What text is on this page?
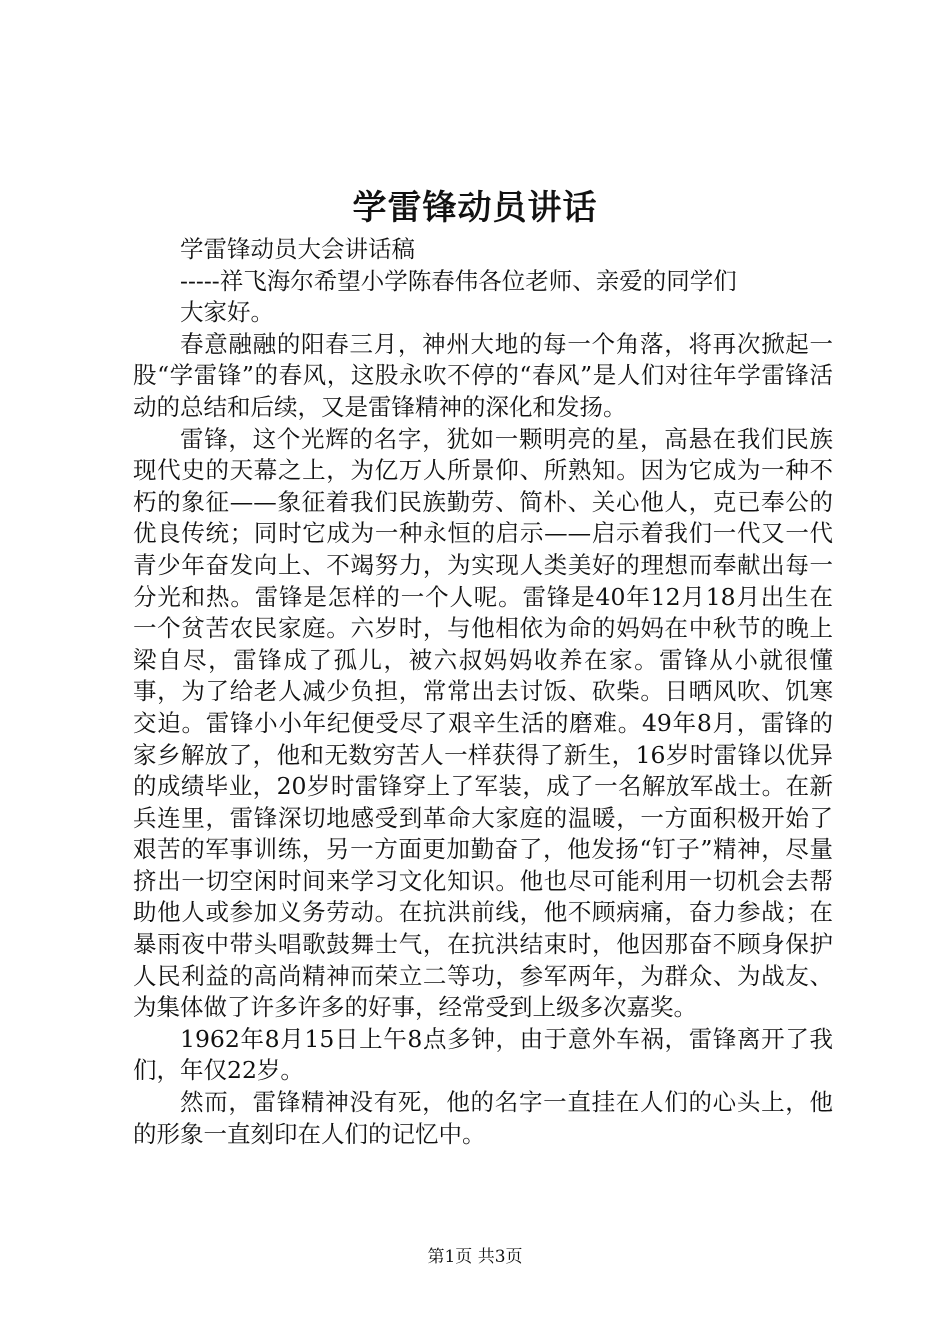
学雷锋动员讲话

学雷锋动员大会讲话稿

-----祥飞海尔希望小学陈春伟各位老师、亲爱的同学们

大家好。

春意融融的阳春三月，神州大地的每一个角落，将再次掀起一股“学雷锋”的春风，这股永吹不停的“春风”是人们对往年学雷锋活动的总结和后续，又是雷锋精神的深化和发扬。

雷锋，这个光辉的名字，犹如一颗明亮的星，高悬在我们民族现代史的天幕之上，为亿万人所景仰、所熟知。因为它成为一种不朽的象征——象征着我们民族勤劳、简朴、关心他人，克已奉公的优良传统；同时它成为一种永恒的启示——启示着我们一代又一代青少年奋发向上、不竭努力，为实现人类美好的理想而奉献出每一分光和热。雷锋是怎样的一个人呢。雷锋是40年12月18月出生在一个贫苦农民家庭。六岁时，与他相依为命的妈妈在中秋节的晚上梁自尽，雷锋成了孤儿，被六叔妈妈收养在家。雷锋从小就很懂事，为了给老人减少负担，常常出去讨饭、砍柴。日晒风吹、饥寒交迫。雷锋小小年纪便受尽了艰辛生活的磨难。49年8月，雷锋的家乡解放了，他和无数穷苦人一样获得了新生，16岁时雷锋以优异的成绩毕业，20岁时雷锋穿上了军装，成了一名解放军战士。在新兵连里，雷锋深切地感受到革命大家庭的温暖，一方面积极开始了艰苦的军事训练，另一方面更加勤奋了，他发扬“钉子”精神，尽量挤出一切空闲时间来学习文化知识。他也尽可能利用一切机会去帮助他人或参加义务劳动。在抗洪前线，他不顾病痛，奋力参战；在暴雨夜中带头唱歌鼓舞士气，在抗洪结束时，他因那奋不顾身保护人民利益的高尚精神而荣立二等功，参军两年，为群众、为战友、为集体做了许多许多的好事，经常受到上级多次嘉奖。

1962年8月15日上午8点多钟，由于意外车祸，雷锋离开了我们，年仅22岁。

然而，雷锋精神没有死，他的名字一直挂在人们的心头上，他的形象一直刻印在人们的记忆中。

第1页 共3页
